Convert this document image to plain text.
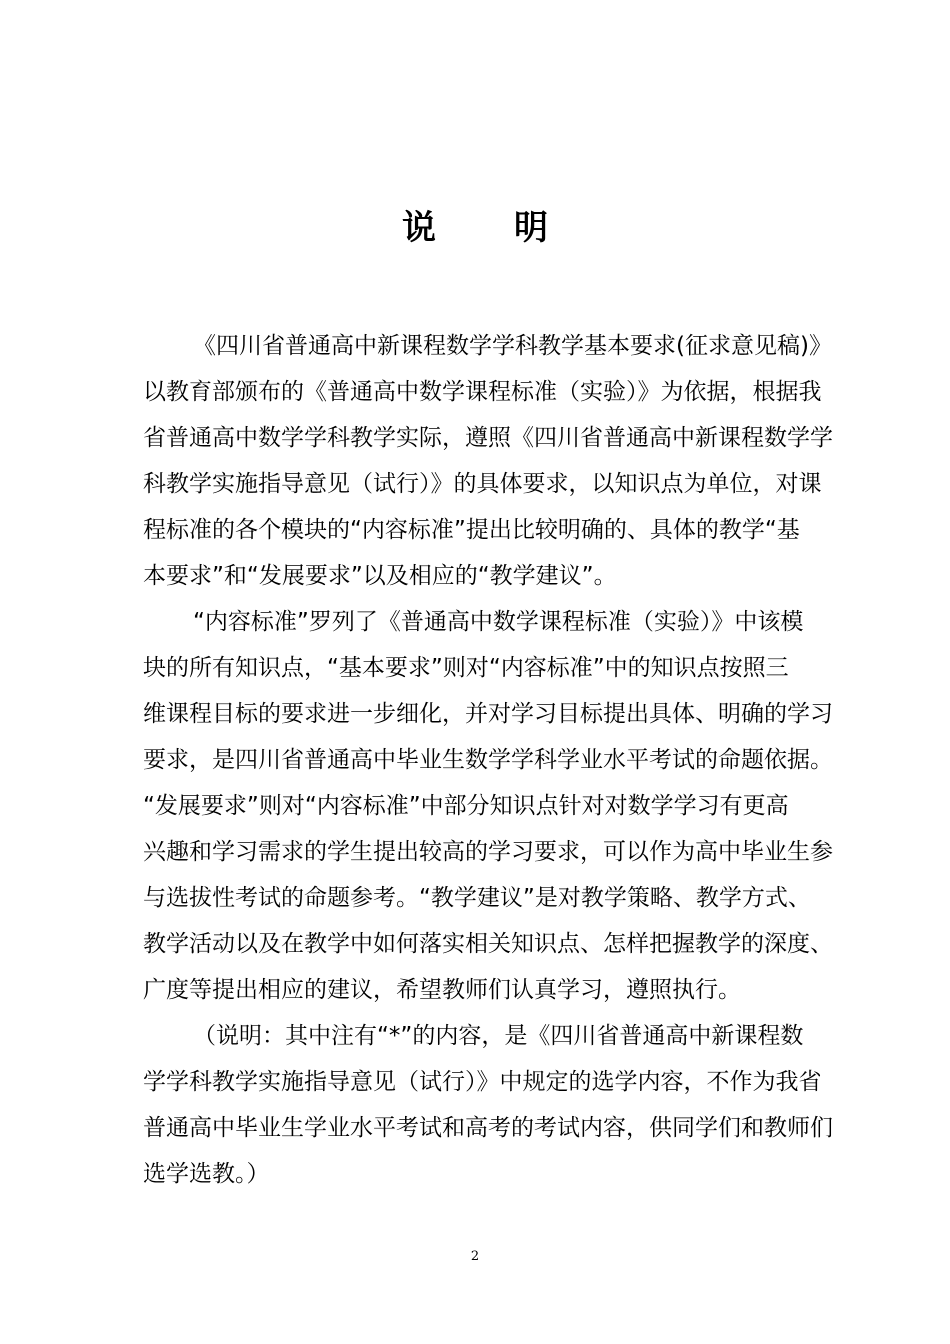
说 明
《四川省普通高中新课程数学学科教学基本要求(征求意见稿)》
以教育部颁布的《普通高中数学课程标准（实验）》为依据，根据我
省普通高中数学学科教学实际，遵照《四川省普通高中新课程数学学
科教学实施指导意见（试行）》的具体要求，以知识点为单位，对课
程标准的各个模块的“内容标准”提出比较明确的、具体的教学“基
本要求”和“发展要求”以及相应的“教学建议”。
“内容标准”罗列了《普通高中数学课程标准（实验）》中该模
块的所有知识点，“基本要求”则对“内容标准”中的知识点按照三
维课程目标的要求进一步细化，并对学习目标提出具体、明确的学习
要求，是四川省普通高中毕业生数学学科学业水平考试的命题依据。
“发展要求”则对“内容标准”中部分知识点针对对数学学习有更高
兴趣和学习需求的学生提出较高的学习要求，可以作为高中毕业生参
与选拔性考试的命题参考。“教学建议”是对教学策略、教学方式、
教学活动以及在教学中如何落实相关知识点、怎样把握教学的深度、
广度等提出相应的建议，希望教师们认真学习，遵照执行。
（说明：其中注有“*”的内容，是《四川省普通高中新课程数
学学科教学实施指导意见（试行）》中规定的选学内容，不作为我省
普通高中毕业生学业水平考试和高考的考试内容，供同学们和教师们
选学选教。）
2
